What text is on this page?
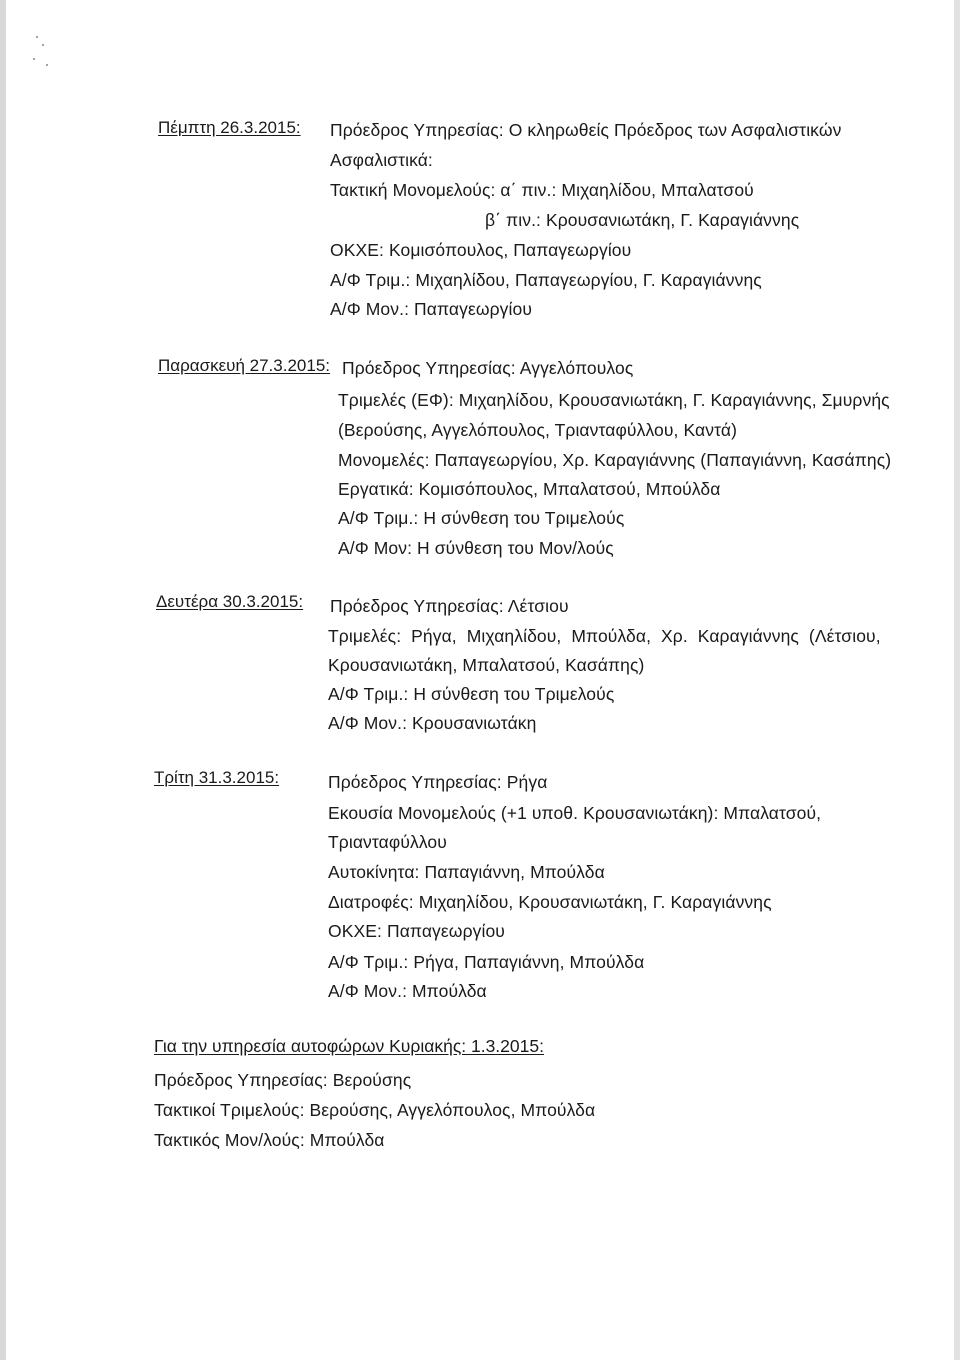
Πέμπτη 26.3.2015: Πρόεδρος Υπηρεσίας: Ο κληρωθείς Πρόεδρος των Ασφαλιστικών
Ασφαλιστικά:
Τακτική Μονομελούς: α΄ πιν.: Μιχαηλίδου, Μπαλατσού
β΄ πιν.: Κρουσανιωτάκη, Γ. Καραγιάννης
ΟΚΧΕ: Κομισόπουλος, Παπαγεωργίου
Α/Φ Τριμ.: Μιχαηλίδου, Παπαγεωργίου, Γ. Καραγιάννης
Α/Φ Μον.: Παπαγεωργίου
Παρασκευή 27.3.2015: Πρόεδρος Υπηρεσίας: Αγγελόπουλος
Τριμελές (ΕΦ): Μιχαηλίδου, Κρουσανιωτάκη, Γ. Καραγιάννης, Σμυρνής
(Βερούσης, Αγγελόπουλος, Τριανταφύλλου, Καντά)
Μονομελές: Παπαγεωργίου, Χρ. Καραγιάννης (Παπαγιάννη, Κασάπης)
Εργατικά: Κομισόπουλος, Μπαλατσού, Μπούλδα
Α/Φ Τριμ.: Η σύνθεση του Τριμελούς
Α/Φ Μον: Η σύνθεση του Μον/λούς
Δευτέρα 30.3.2015: Πρόεδρος Υπηρεσίας: Λέτσιου
Τριμελές: Ρήγα, Μιχαηλίδου, Μπούλδα, Χρ. Καραγιάννης (Λέτσιου,
Κρουσανιωτάκη, Μπαλατσού, Κασάπης)
Α/Φ Τριμ.: Η σύνθεση του Τριμελούς
Α/Φ Μον.: Κρουσανιωτάκη
Τρίτη 31.3.2015:	Πρόεδρος Υπηρεσίας: Ρήγα
Εκουσία Μονομελούς (+1 υποθ. Κρουσανιωτάκη): Μπαλατσού,
Τριανταφύλλου
Αυτοκίνητα: Παπαγιάννη, Μπούλδα
Διατροφές: Μιχαηλίδου, Κρουσανιωτάκη, Γ. Καραγιάννης
ΟΚΧΕ: Παπαγεωργίου
Α/Φ Τριμ.: Ρήγα, Παπαγιάννη, Μπούλδα
Α/Φ Μον.: Μπούλδα
Για την υπηρεσία αυτοφώρων Κυριακής: 1.3.2015:
Πρόεδρος Υπηρεσίας: Βερούσης
Τακτικοί Τριμελούς: Βερούσης, Αγγελόπουλος, Μπούλδα
Τακτικός Μον/λούς: Μπούλδα
